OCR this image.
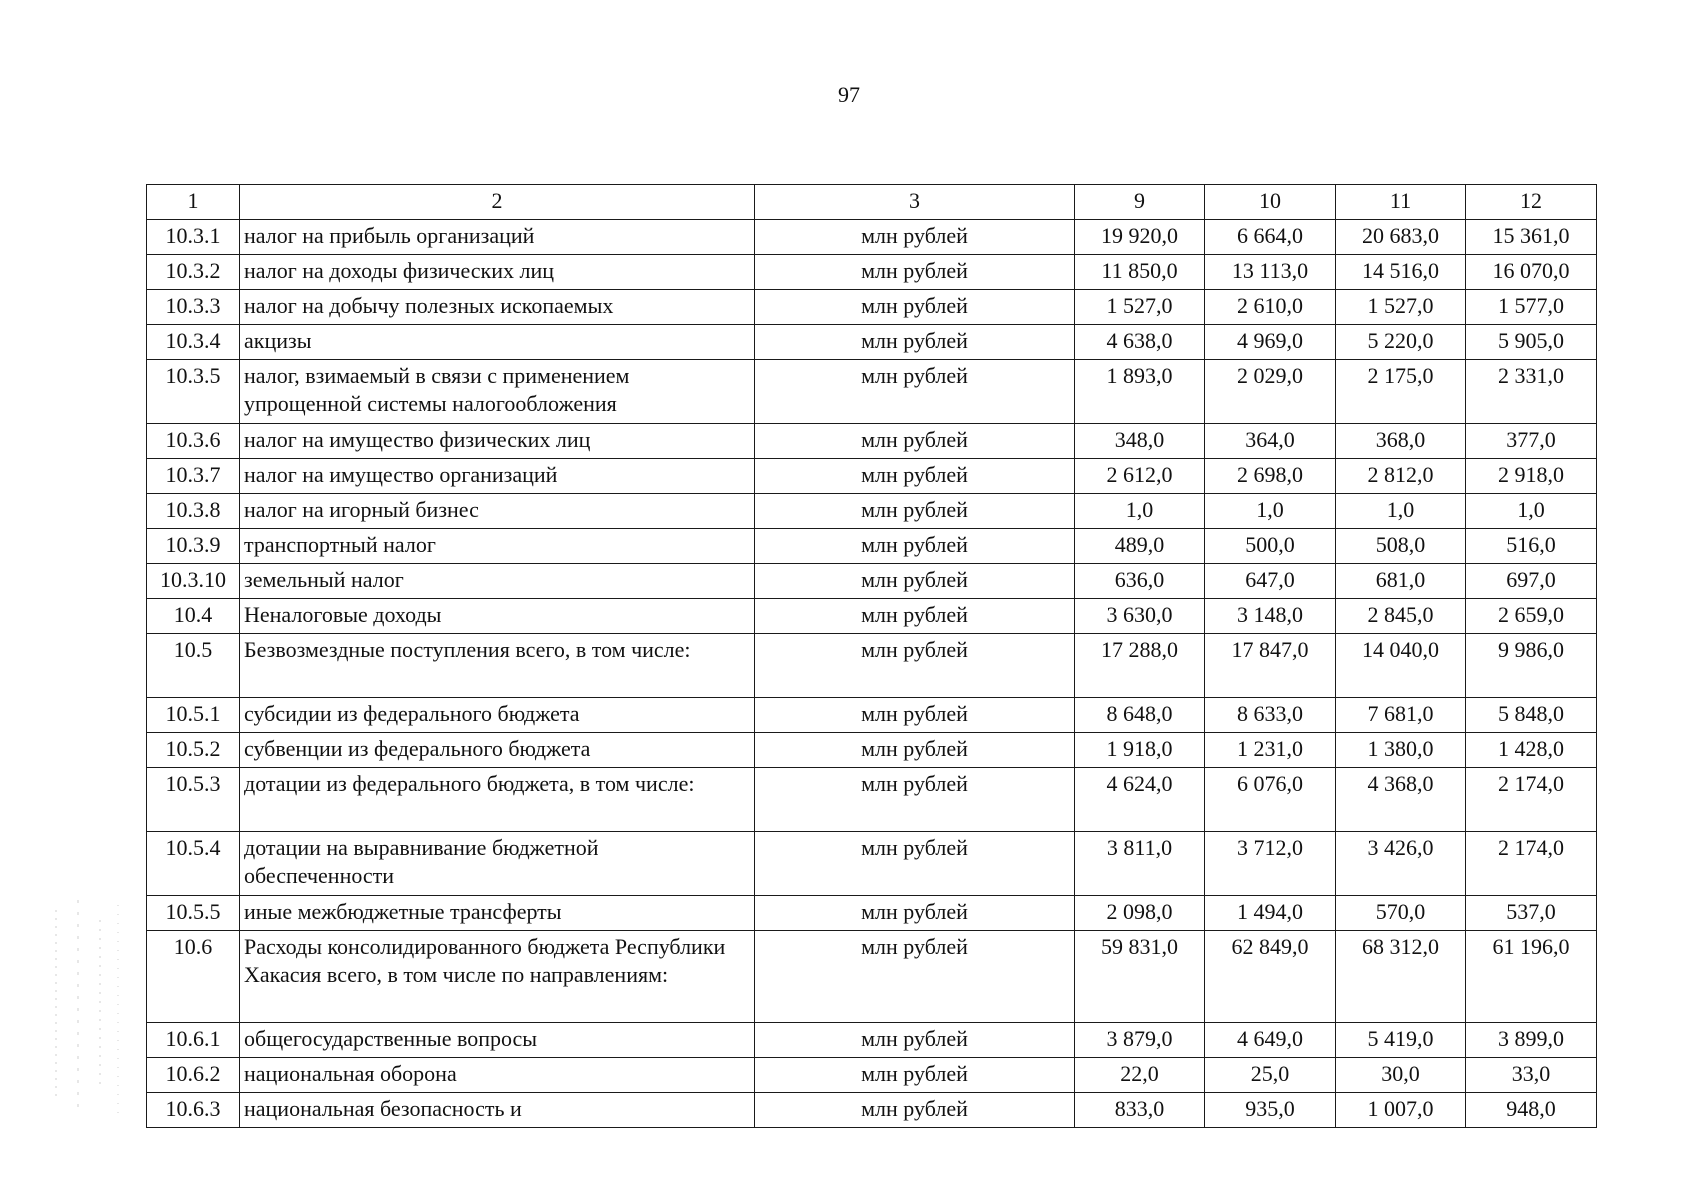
97
1	2	3	9	10	11	12
10.3.1	налог на прибыль организаций	млн рублей	19 920,0	6 664,0	20 683,0	15 361,0
10.3.2	налог на доходы физических лиц	млн рублей	11 850,0	13 113,0	14 516,0	16 070,0
10.3.3	налог на добычу полезных ископаемых	млн рублей	1 527,0	2 610,0	1 527,0	1 577,0
10.3.4	акцизы	млн рублей	4 638,0	4 969,0	5 220,0	5 905,0
10.3.5	налог, взимаемый в связи с применением упрощенной системы налогообложения	млн рублей	1 893,0	2 029,0	2 175,0	2 331,0
10.3.6	налог на имущество физических лиц	млн рублей	348,0	364,0	368,0	377,0
10.3.7	налог на имущество организаций	млн рублей	2 612,0	2 698,0	2 812,0	2 918,0
10.3.8	налог на игорный бизнес	млн рублей	1,0	1,0	1,0	1,0
10.3.9	транспортный налог	млн рублей	489,0	500,0	508,0	516,0
10.3.10	земельный налог	млн рублей	636,0	647,0	681,0	697,0
10.4	Неналоговые доходы	млн рублей	3 630,0	3 148,0	2 845,0	2 659,0
10.5	Безвозмездные поступления всего, в том числе:	млн рублей	17 288,0	17 847,0	14 040,0	9 986,0
10.5.1	субсидии из федерального бюджета	млн рублей	8 648,0	8 633,0	7 681,0	5 848,0
10.5.2	субвенции из федерального бюджета	млн рублей	1 918,0	1 231,0	1 380,0	1 428,0
10.5.3	дотации из федерального бюджета, в том числе:	млн рублей	4 624,0	6 076,0	4 368,0	2 174,0
10.5.4	дотации на выравнивание бюджетной обеспеченности	млн рублей	3 811,0	3 712,0	3 426,0	2 174,0
10.5.5	иные межбюджетные трансферты	млн рублей	2 098,0	1 494,0	570,0	537,0
10.6	Расходы консолидированного бюджета Республики Хакасия всего, в том числе по направлениям:	млн рублей	59 831,0	62 849,0	68 312,0	61 196,0
10.6.1	общегосударственные вопросы	млн рублей	3 879,0	4 649,0	5 419,0	3 899,0
10.6.2	национальная оборона	млн рублей	22,0	25,0	30,0	33,0
10.6.3	национальная безопасность и	млн рублей	833,0	935,0	1 007,0	948,0
